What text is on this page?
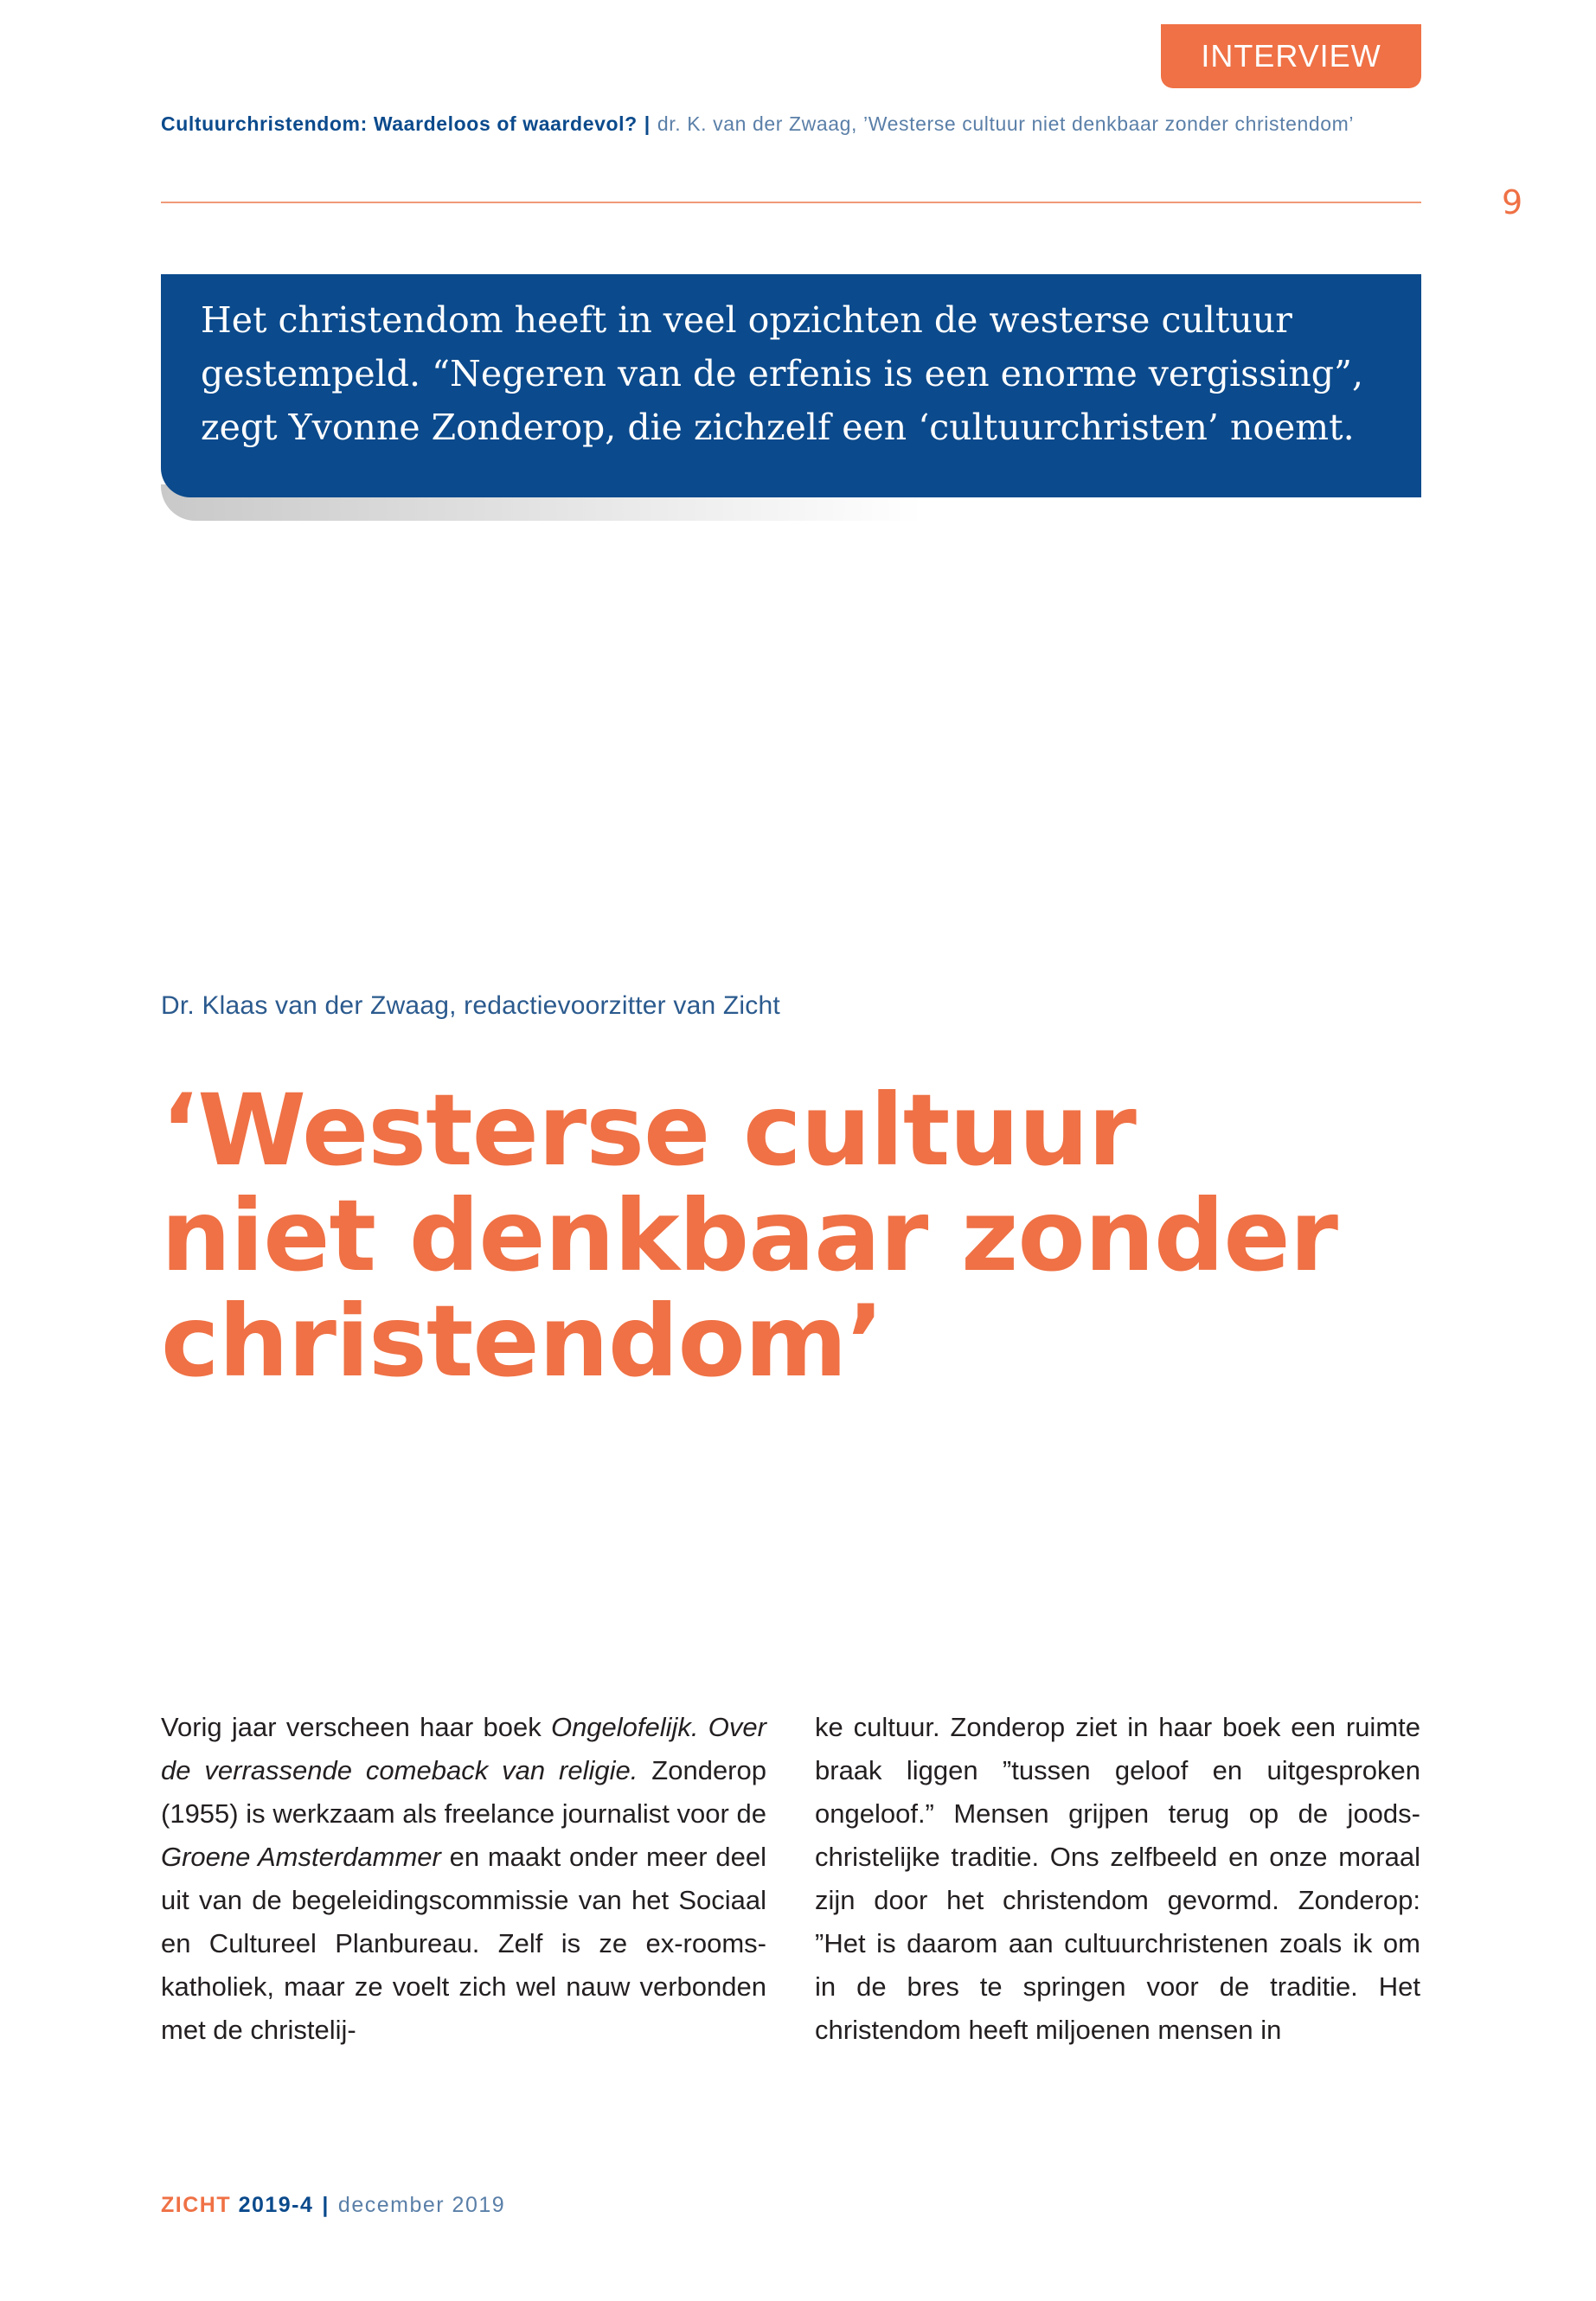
INTERVIEW
Cultuurchristendom: Waardeloos of waardevol? | dr. K. van der Zwaag, ’Westerse cultuur niet denkbaar zonder christendom’
9
Het christendom heeft in veel opzichten de westerse cultuur
gestempeld. “Negeren van de erfenis is een enorme vergissing”,
zegt Yvonne Zonderop, die zichzelf een ‘cultuurchristen’ noemt.
Dr. Klaas van der Zwaag, redactievoorzitter van Zicht
‘Westerse cultuur
niet denkbaar zonder
christendom’
Vorig jaar verscheen haar boek Ongelofelijk. Over de verrassende comeback van religie. Zonderop (1955) is werkzaam als freelance journalist voor de Groene Amsterdammer en maakt onder meer deel uit van de begeleidingscommissie van het Sociaal en Cultureel Planbureau. Zelf is ze ex-rooms-katholiek, maar ze voelt zich wel nauw verbonden met de christelij-
ke cultuur. Zonderop ziet in haar boek een ruimte braak liggen ”tussen geloof en uitgesproken ongeloof.” Mensen grijpen terug op de joods-christelijke traditie. Ons zelfbeeld en onze moraal zijn door het christendom gevormd. Zonderop: ”Het is daarom aan cultuurchristenen zoals ik om in de bres te springen voor de traditie. Het christendom heeft miljoenen mensen in
ZICHT 2019-4 | december 2019
